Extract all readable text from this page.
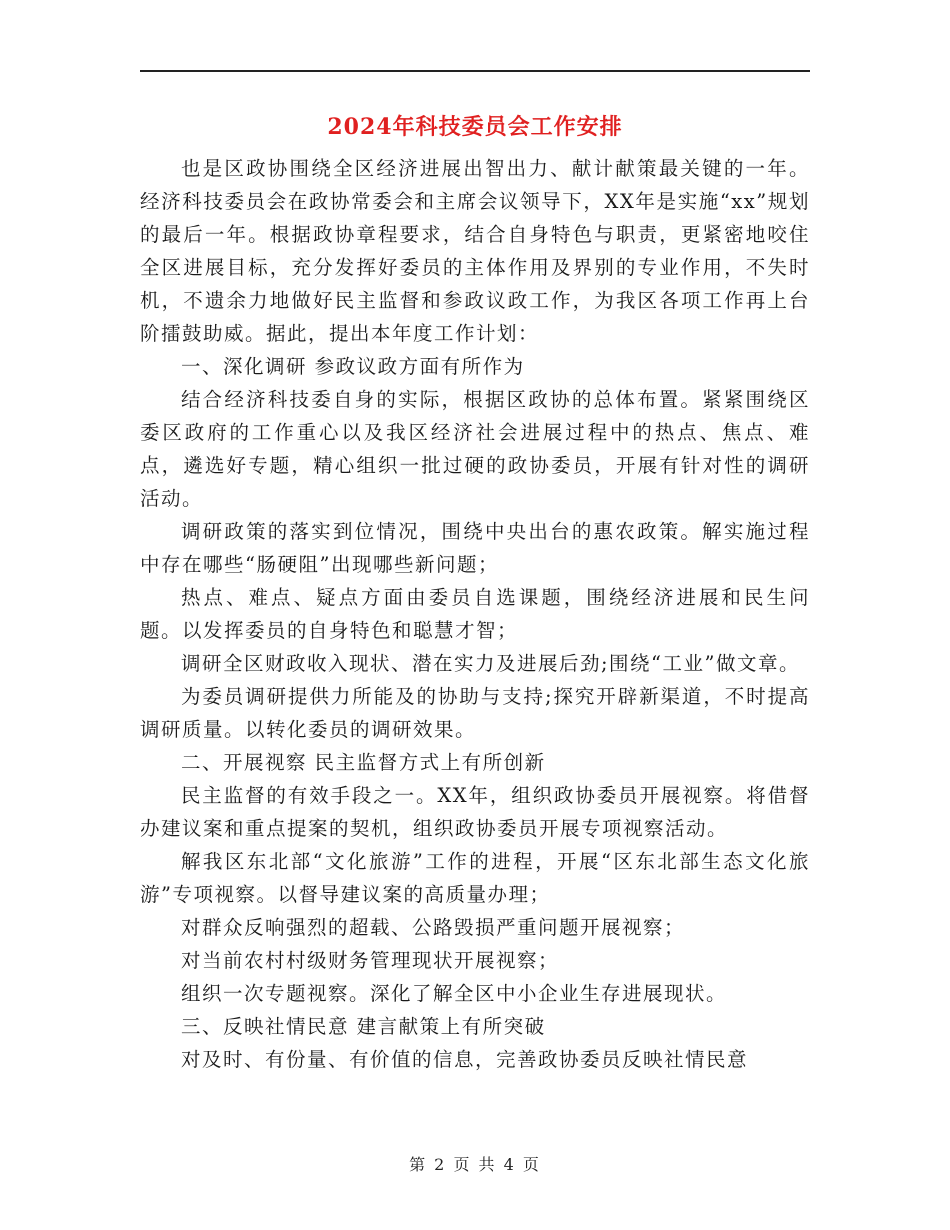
2024年科技委员会工作安排

也是区政协围绕全区经济进展出智出力、献计献策最关键的一年。经济科技委员会在政协常委会和主席会议领导下，XX年是实施“xx”规划的最后一年。根据政协章程要求，结合自身特色与职责，更紧密地咬住全区进展目标，充分发挥好委员的主体作用及界别的专业作用，不失时机，不遗余力地做好民主监督和参政议政工作，为我区各项工作再上台阶擂鼓助威。据此，提出本年度工作计划：

一、深化调研 参政议政方面有所作为

结合经济科技委自身的实际，根据区政协的总体布置。紧紧围绕区委区政府的工作重心以及我区经济社会进展过程中的热点、焦点、难点，遴选好专题，精心组织一批过硬的政协委员，开展有针对性的调研活动。

调研政策的落实到位情况，围绕中央出台的惠农政策。解实施过程中存在哪些“肠硬阻”出现哪些新问题；

热点、难点、疑点方面由委员自选课题，围绕经济进展和民生问题。以发挥委员的自身特色和聪慧才智；

调研全区财政收入现状、潜在实力及进展后劲;围绕“工业”做文章。

为委员调研提供力所能及的协助与支持;探究开辟新渠道，不时提高调研质量。以转化委员的调研效果。

二、开展视察 民主监督方式上有所创新

民主监督的有效手段之一。XX年，组织政协委员开展视察。将借督办建议案和重点提案的契机，组织政协委员开展专项视察活动。

解我区东北部“文化旅游”工作的进程，开展“区东北部生态文化旅游”专项视察。以督导建议案的高质量办理；

对群众反响强烈的超载、公路毁损严重问题开展视察；

对当前农村村级财务管理现状开展视察；

组织一次专题视察。深化了解全区中小企业生存进展现状。

三、反映社情民意 建言献策上有所突破

对及时、有份量、有价值的信息，完善政协委员反映社情民意

第 2 页 共 4 页
